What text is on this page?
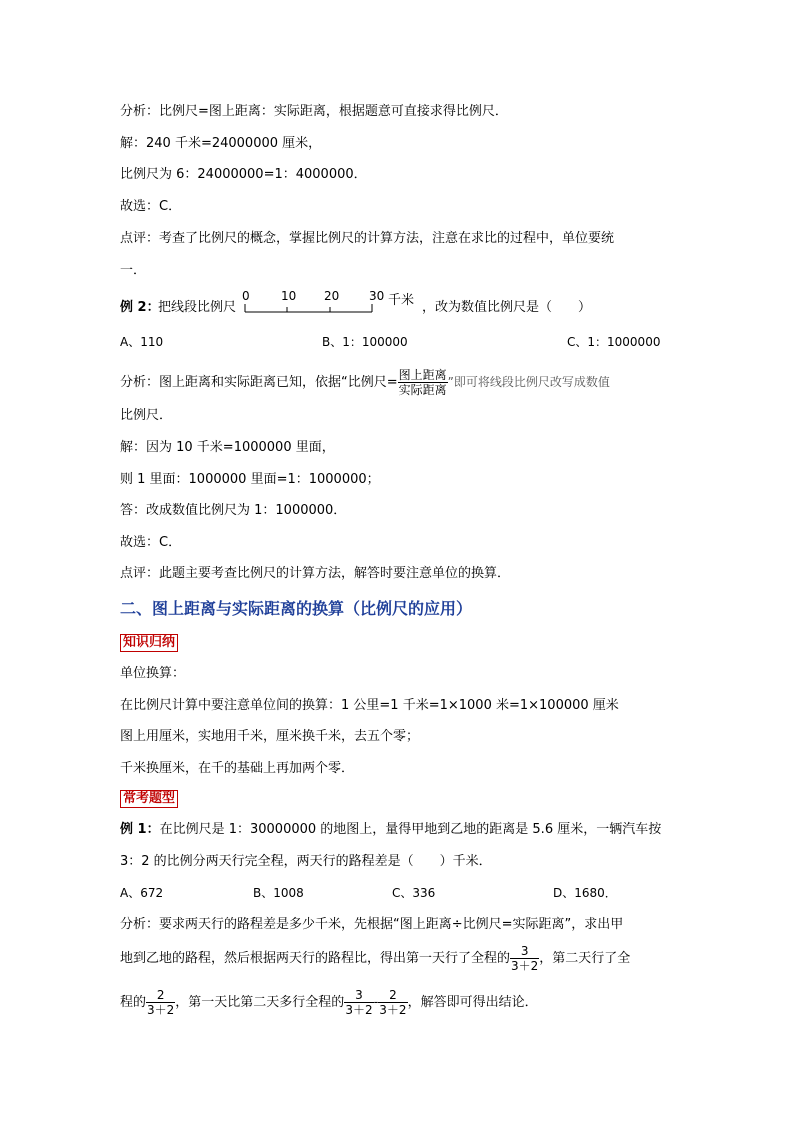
分析：比例尺=图上距离：实际距离，根据题意可直接求得比例尺．
解：240 千米=24000000 厘米，
比例尺为 6：24000000=1：4000000．
故选：C．
点评：考查了比例尺的概念，掌握比例尺的计算方法，注意在求比的过程中，单位要统
一．
例 2：
把线段比例尺
0	10 20 30 千米 ，改为数值比例尺是（　　）
A、110	B、1：100000	C、1：1000000
分析：图上距离和实际距离已知，依据“比例尺= $\frac{\text{图上距离}}{\text{实际距离}}$ ”即可将线段比例尺改写成数值
比例尺．
解：因为 10 千米=1000000 里面，
则 1 里面：1000000 里面=1：1000000；
答：改成数值比例尺为 1：1000000．
故选：C．
点评：此题主要考查比例尺的计算方法，解答时要注意单位的换算．
二、图上距离与实际距离的换算（比例尺的应用）
知识归纳
单位换算：
在比例尺计算中要注意单位间的换算：1 公里=1 千米=1×1000 米=1×100000 厘米
图上用厘米，实地用千米，厘米换千米，去五个零；
千米换厘米，在千的基础上再加两个零．
常考题型
例 1：在比例尺是 1：30000000 的地图上，量得甲地到乙地的距离是 5.6 厘米，一辆汽车按
3：2 的比例分两天行完全程，两天行的路程差是（　　）千米．
A、672	B、1008	C、336	D、1680．
分析：要求两天行的路程差是多少千米，先根据“图上距离÷比例尺=实际距离”，求出甲
地到乙地的路程，然后根据两天行的路程比，得出第一天行了全程的 $\frac{3}{3+2}$ ，第二天行了全
程的 $\frac{2}{3+2}$ ，第一天比第二天多行全程的 $\frac{3}{3+2} - \frac{2}{3+2}$ ，解答即可得出结论．
